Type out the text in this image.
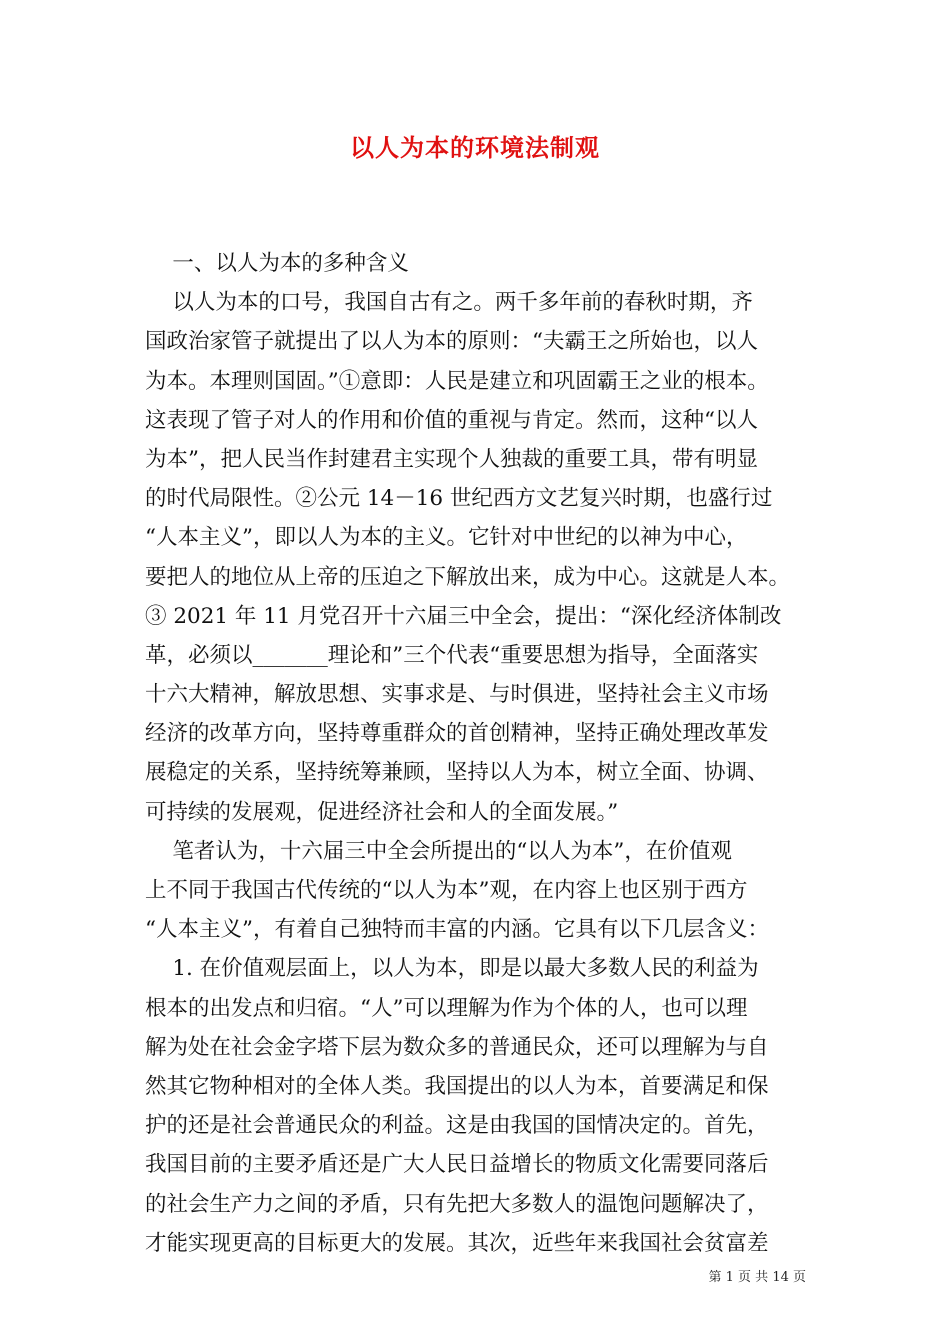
以人为本的环境法制观
一、以人为本的多种含义
以人为本的口号，我国自古有之。两千多年前的春秋时期，齐
国政治家管子就提出了以人为本的原则：“夫霸王之所始也，以人
为本。本理则国固。”①意即：人民是建立和巩固霸王之业的根本。
这表现了管子对人的作用和价值的重视与肯定。然而，这种“以人
为本”，把人民当作封建君主实现个人独裁的重要工具，带有明显
的时代局限性。②公元 14－16 世纪西方文艺复兴时期，也盛行过
“人本主义”，即以人为本的主义。它针对中世纪的以神为中心，
要把人的地位从上帝的压迫之下解放出来，成为中心。这就是人本。
③ 2021 年 11 月党召开十六届三中全会，提出：“深化经济体制改
革，必须以_______理论和”三个代表“重要思想为指导，全面落实
十六大精神，解放思想、实事求是、与时俱进，坚持社会主义市场
经济的改革方向，坚持尊重群众的首创精神，坚持正确处理改革发
展稳定的关系，坚持统筹兼顾，坚持以人为本，树立全面、协调、
可持续的发展观，促进经济社会和人的全面发展。”
笔者认为，十六届三中全会所提出的“以人为本”，在价值观
上不同于我国古代传统的“以人为本”观，在内容上也区别于西方
“人本主义”，有着自己独特而丰富的内涵。它具有以下几层含义：
1. 在价值观层面上，以人为本，即是以最大多数人民的利益为
根本的出发点和归宿。“人”可以理解为作为个体的人，也可以理
解为处在社会金字塔下层为数众多的普通民众，还可以理解为与自
然其它物种相对的全体人类。我国提出的以人为本，首要满足和保
护的还是社会普通民众的利益。这是由我国的国情决定的。首先，
我国目前的主要矛盾还是广大人民日益增长的物质文化需要同落后
的社会生产力之间的矛盾，只有先把大多数人的温饱问题解决了，
才能实现更高的目标更大的发展。其次，近些年来我国社会贫富差
第 1 页 共 14 页
